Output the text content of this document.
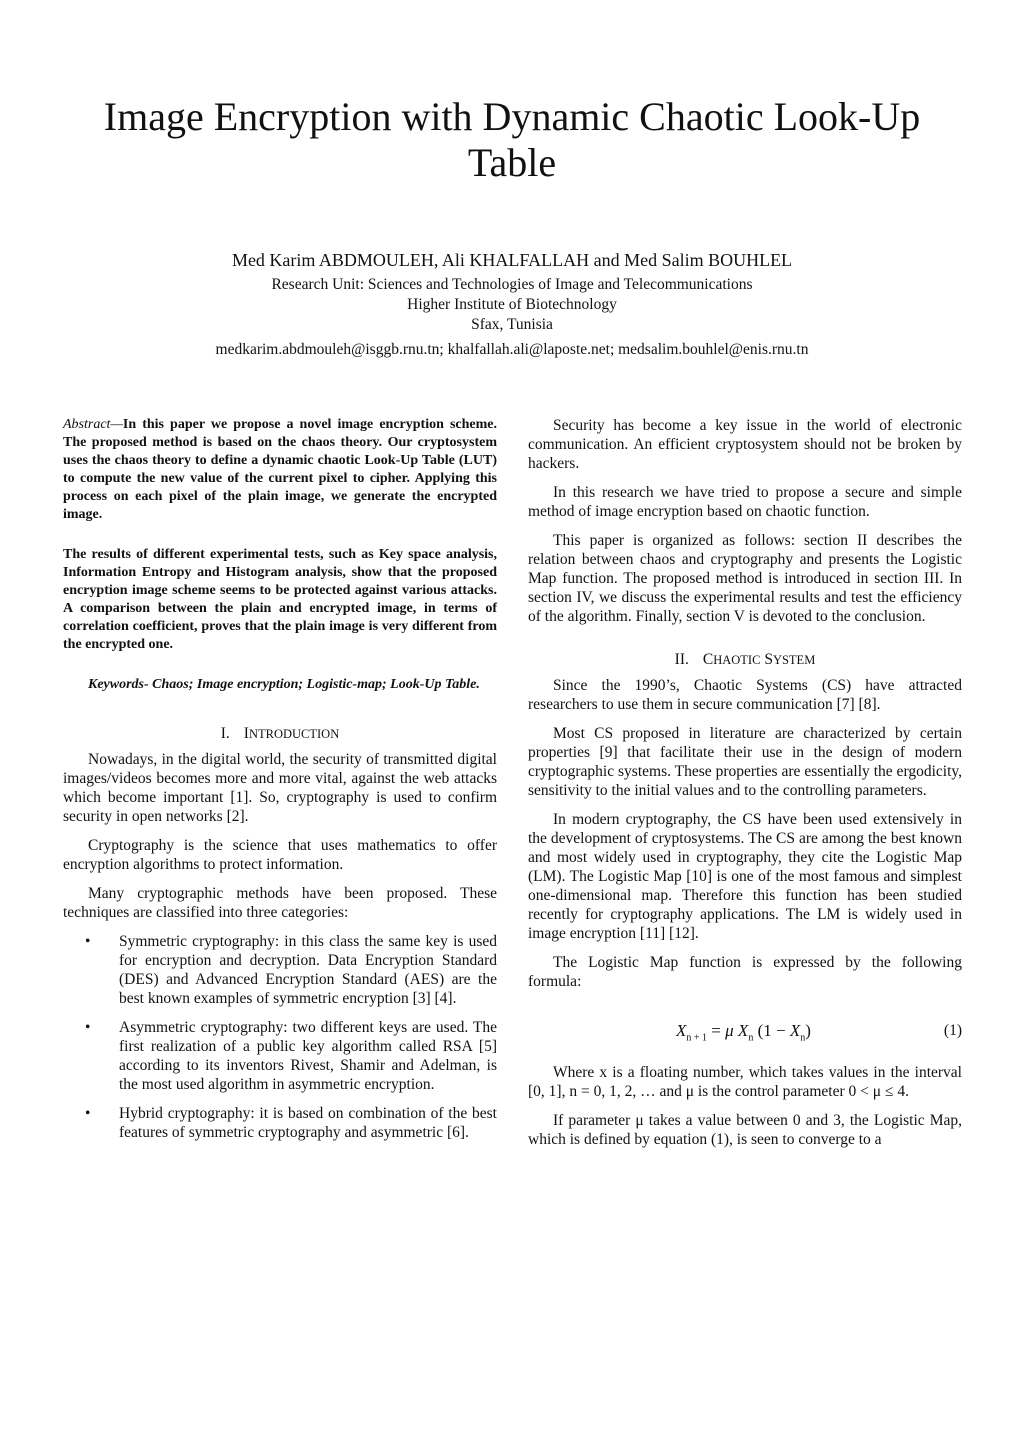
Image Encryption with Dynamic Chaotic Look-Up Table
Med Karim ABDMOULEH, Ali KHALFALLAH and Med Salim BOUHLEL
Research Unit: Sciences and Technologies of Image and Telecommunications
Higher Institute of Biotechnology
Sfax, Tunisia
medkarim.abdmouleh@isggb.rnu.tn; khalfallah.ali@laposte.net; medsalim.bouhlel@enis.rnu.tn

Abstract—In this paper we propose a novel image encryption scheme. The proposed method is based on the chaos theory. Our cryptosystem uses the chaos theory to define a dynamic chaotic Look-Up Table (LUT) to compute the new value of the current pixel to cipher. Applying this process on each pixel of the plain image, we generate the encrypted image.

The results of different experimental tests, such as Key space analysis, Information Entropy and Histogram analysis, show that the proposed encryption image scheme seems to be protected against various attacks. A comparison between the plain and encrypted image, in terms of correlation coefficient, proves that the plain image is very different from the encrypted one.

Keywords- Chaos; Image encryption; Logistic-map; Look-Up Table.

I. INTRODUCTION

Nowadays, in the digital world, the security of transmitted digital images/videos becomes more and more vital, against the web attacks which become important [1]. So, cryptography is used to confirm security in open networks [2].

Cryptography is the science that uses mathematics to offer encryption algorithms to protect information.

Many cryptographic methods have been proposed. These techniques are classified into three categories:

• Symmetric cryptography: in this class the same key is used for encryption and decryption. Data Encryption Standard (DES) and Advanced Encryption Standard (AES) are the best known examples of symmetric encryption [3] [4].
• Asymmetric cryptography: two different keys are used. The first realization of a public key algorithm called RSA [5] according to its inventors Rivest, Shamir and Adelman, is the most used algorithm in asymmetric encryption.
• Hybrid cryptography: it is based on combination of the best features of symmetric cryptography and asymmetric [6].

Security has become a key issue in the world of electronic communication. An efficient cryptosystem should not be broken by hackers.

In this research we have tried to propose a secure and simple method of image encryption based on chaotic function.

This paper is organized as follows: section II describes the relation between chaos and cryptography and presents the Logistic Map function. The proposed method is introduced in section III. In section IV, we discuss the experimental results and test the efficiency of the algorithm. Finally, section V is devoted to the conclusion.

II. CHAOTIC SYSTEM

Since the 1990’s, Chaotic Systems (CS) have attracted researchers to use them in secure communication [7] [8].

Most CS proposed in literature are characterized by certain properties [9] that facilitate their use in the design of modern cryptographic systems. These properties are essentially the ergodicity, sensitivity to the initial values and to the controlling parameters.

In modern cryptography, the CS have been used extensively in the development of cryptosystems. The CS are among the best known and most widely used in cryptography, they cite the Logistic Map (LM). The Logistic Map [10] is one of the most famous and simplest one-dimensional map. Therefore this function has been studied recently for cryptography applications. The LM is widely used in image encryption [11] [12].

The Logistic Map function is expressed by the following formula:

$X_{n + 1} = \mu$ $X_n$ $(1 - X_n)$	(1)

Where x is a floating number, which takes values in the interval [0, 1], n = 0, 1, 2, … and μ is the control parameter 0 < μ ≤ 4.

If parameter μ takes a value between 0 and 3, the Logistic Map, which is defined by equation (1), is seen to converge to a
